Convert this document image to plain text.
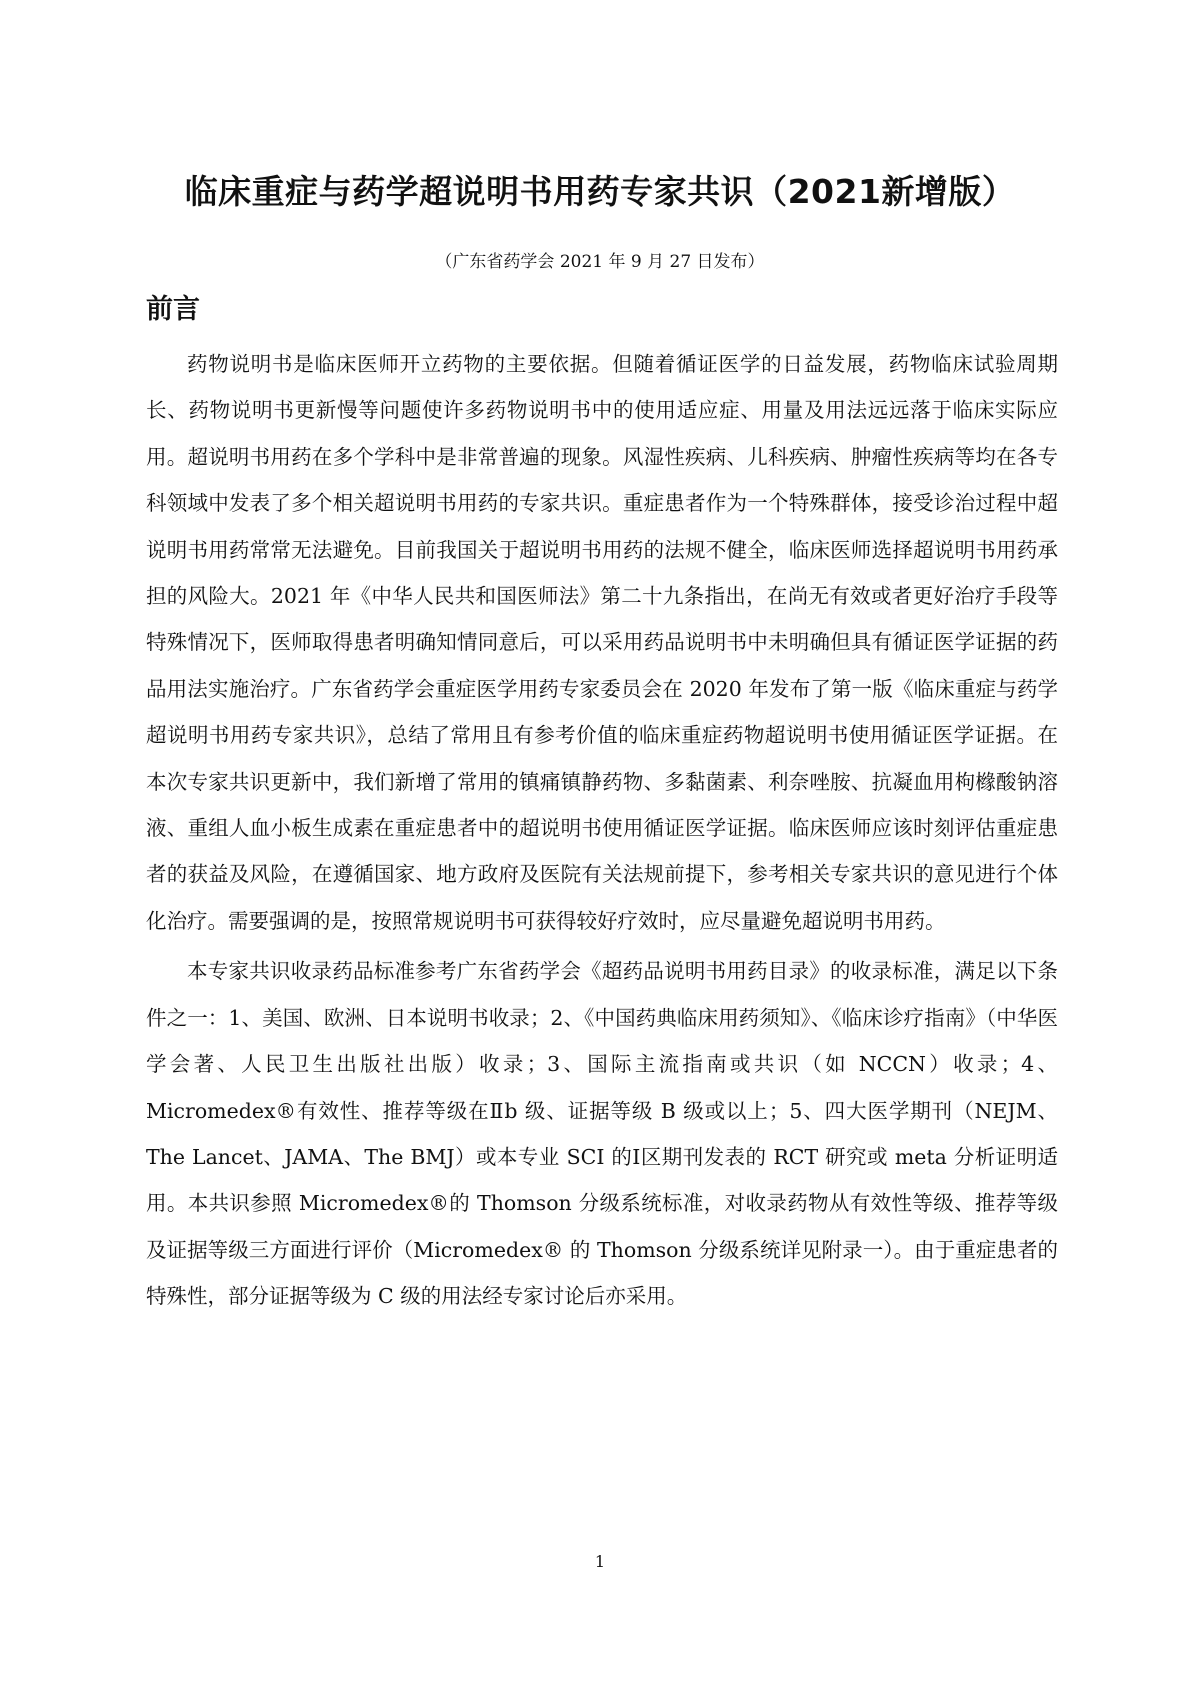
临床重症与药学超说明书用药专家共识（2021新增版）
（广东省药学会 2021 年 9 月 27 日发布）
前言

药物说明书是临床医师开立药物的主要依据。但随着循证医学的日益发展，药物临床试验周期长、药物说明书更新慢等问题使许多药物说明书中的使用适应症、用量及用法远远落于临床实际应用。超说明书用药在多个学科中是非常普遍的现象。风湿性疾病、儿科疾病、肿瘤性疾病等均在各专科领域中发表了多个相关超说明书用药的专家共识。重症患者作为一个特殊群体，接受诊治过程中超说明书用药常常无法避免。目前我国关于超说明书用药的法规不健全，临床医师选择超说明书用药承担的风险大。2021 年《中华人民共和国医师法》第二十九条指出，在尚无有效或者更好治疗手段等特殊情况下，医师取得患者明确知情同意后，可以采用药品说明书中未明确但具有循证医学证据的药品用法实施治疗。广东省药学会重症医学用药专家委员会在 2020 年发布了第一版《临床重症与药学超说明书用药专家共识》，总结了常用且有参考价值的临床重症药物超说明书使用循证医学证据。在本次专家共识更新中，我们新增了常用的镇痛镇静药物、多黏菌素、利奈唑胺、抗凝血用枸橼酸钠溶液、重组人血小板生成素在重症患者中的超说明书使用循证医学证据。临床医师应该时刻评估重症患者的获益及风险，在遵循国家、地方政府及医院有关法规前提下，参考相关专家共识的意见进行个体化治疗。需要强调的是，按照常规说明书可获得较好疗效时，应尽量避免超说明书用药。

本专家共识收录药品标准参考广东省药学会《超药品说明书用药目录》的收录标准，满足以下条件之一：1、美国、欧洲、日本说明书收录；2、《中国药典临床用药须知》、《临床诊疗指南》（中华医学会著、人民卫生出版社出版）收录；3、国际主流指南或共识（如 NCCN）收录；4、Micromedex®有效性、推荐等级在Ⅱb 级、证据等级 B 级或以上；5、四大医学期刊（NEJM、The Lancet、JAMA、The BMJ）或本专业 SCI 的Ⅰ区期刊发表的 RCT 研究或 meta 分析证明适用。本共识参照 Micromedex®的 Thomson 分级系统标准，对收录药物从有效性等级、推荐等级及证据等级三方面进行评价（Micromedex® 的 Thomson 分级系统详见附录一）。由于重症患者的特殊性，部分证据等级为 C 级的用法经专家讨论后亦采用。

1
